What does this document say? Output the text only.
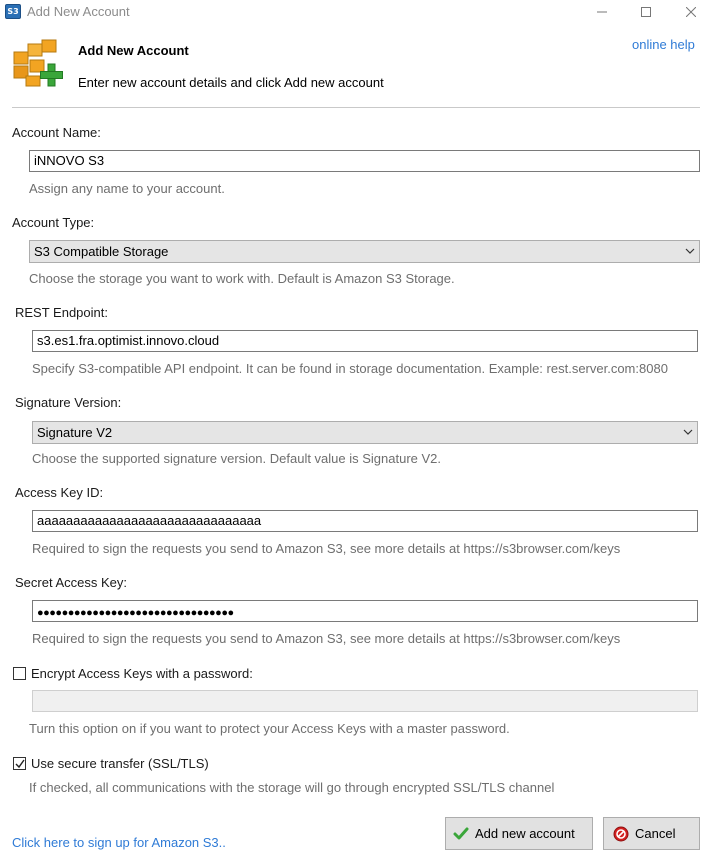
S3 Add New Account
Add New Account
Enter new account details and click Add new account
online help
Account Name:
iNNOVO S3
Assign any name to your account.
Account Type:
S3 Compatible Storage
Choose the storage you want to work with. Default is Amazon S3 Storage.
REST Endpoint:
s3.es1.fra.optimist.innovo.cloud
Specify S3-compatible API endpoint. It can be found in storage documentation. Example: rest.server.com:8080
Signature Version:
Signature V2
Choose the supported signature version. Default value is Signature V2.
Access Key ID:
aaaaaaaaaaaaaaaaaaaaaaaaaaaaaaa
Required to sign the requests you send to Amazon S3, see more details at https://s3browser.com/keys
Secret Access Key:
●●●●●●●●●●●●●●●●●●●●●●●●●●●●●●●●
Required to sign the requests you send to Amazon S3, see more details at https://s3browser.com/keys
Encrypt Access Keys with a password:
Turn this option on if you want to protect your Access Keys with a master password.
Use secure transfer (SSL/TLS)
If checked, all communications with the storage will go through encrypted SSL/TLS channel
Click here to sign up for Amazon S3..
Add new account	Cancel
